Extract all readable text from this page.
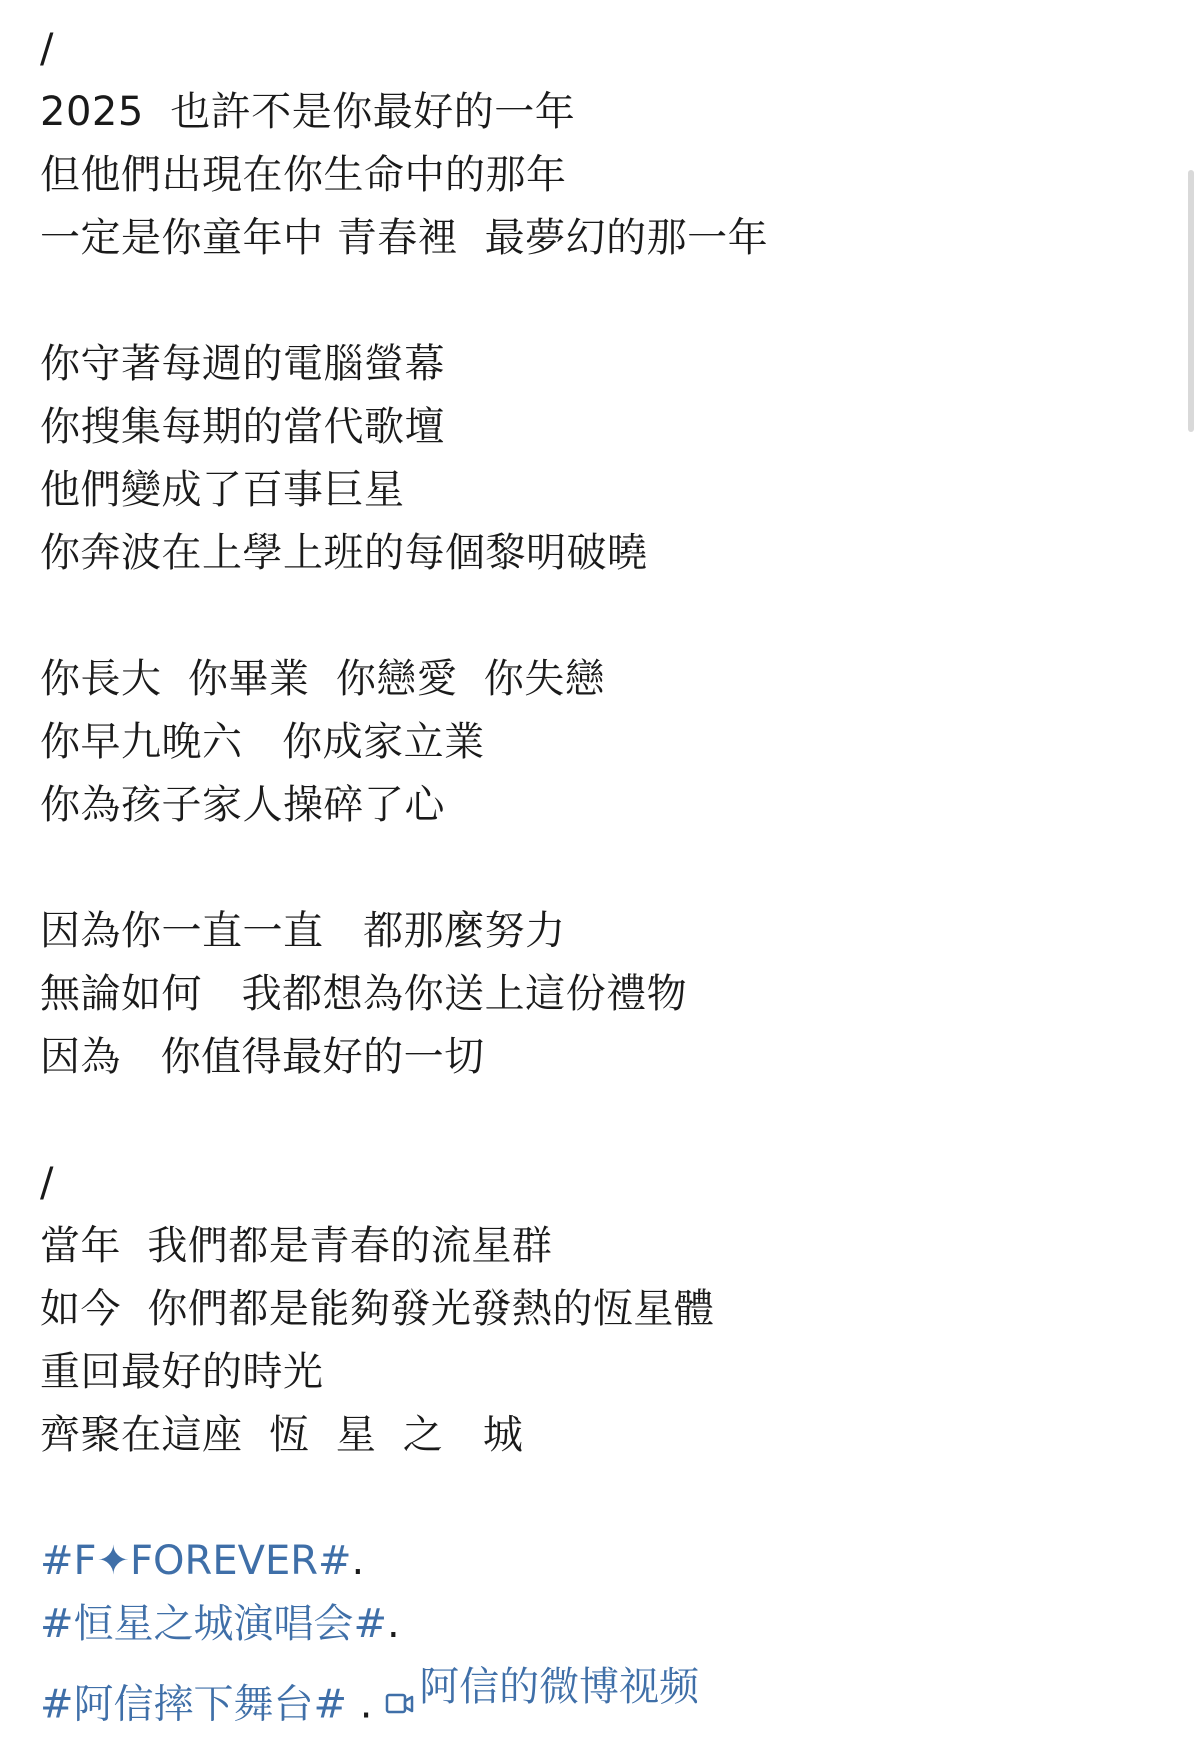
/
2025  也許不是你最好的一年
但他們出現在你生命中的那年
一定是你童年中 青春裡  最夢幻的那一年
你守著每週的電腦螢幕
你搜集每期的當代歌壇
他們變成了百事巨星
你奔波在上學上班的每個黎明破曉
你長大  你畢業  你戀愛  你失戀
你早九晚六   你成家立業
你為孩子家人操碎了心
因為你一直一直   都那麼努力
無論如何   我都想為你送上這份禮物
因為   你值得最好的一切
/
當年  我們都是青春的流星群
如今  你們都是能夠發光發熱的恆星體
重回最好的時光
齊聚在這座  恆  星  之   城
#F✦FOREVER#.
#恒星之城演唱会#.
#阿信摔下舞台# . 阿信的微博视频
